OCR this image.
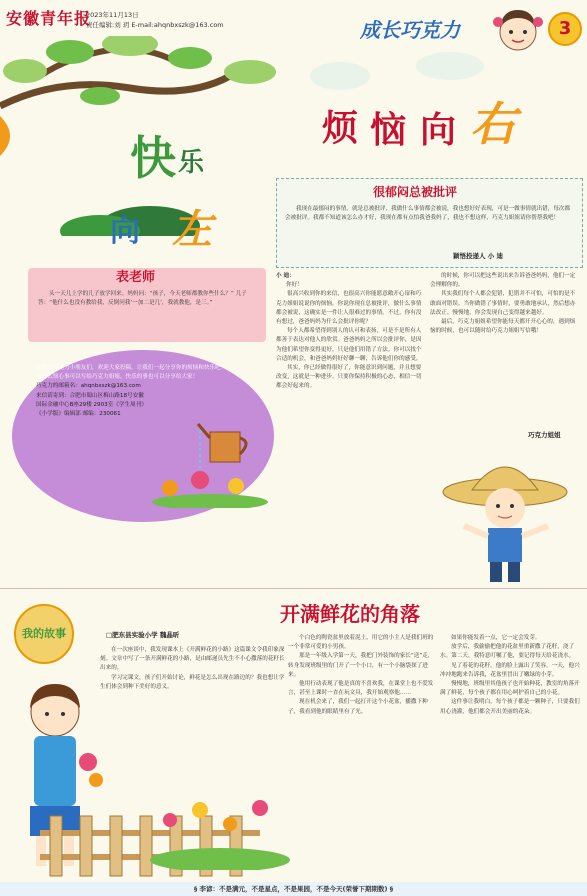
安徽青年报
2023年11月13日
责任编辑:刘 玥 E-mail:ahqnbxszk@163.com	成长巧克力	3
快 乐
向 左
烦 恼 向 右
很郁闷总被批评

我现在最郁闷的事情，就是总被批评，我做什么事情都会被说，我也想好好表现，可是一做事情就出错，每次都会被批评。我都不知道该怎么办才好，我现在都有点怕我爸我妈了，我也不想这样，巧克力姐姐请你帮帮我吧！

颖悟投递人 小 迪
表老师

头一天儿上学的儿子放学回来。妈妈问：“孩子，今天老师都教你些什么？” 儿子答：“他什么也没有教给我，反倒问我‘一加二是几’，我就教他，是三。”

亲爱的巧克力小朋友们，欢迎大家投稿，让我们一起分享你的烦恼和快乐吧！
有什么烦心事可以写给巧克力姐姐，快乐的事也可以分享给大家！
巧克力的邮箱名：ahqnbxszk@163.com
来信请寄到：合肥市蜀山区梅山路18号安徽
国际金融中心B座29楼 2903室《学生周刊》
《小学版》编辑部 邮编：230061
小 迪：
你好！

很高兴收到你的来信，也很高兴你能愿意敞开心扉和巧克力姐姐说说你的烦恼。你说你现在总被批评，做什么事情都会被说，这确实是一件让人很难过的事情。不过，你有没有想过，爸爸妈妈为什么会批评你呢？

每个人都希望得到别人的认可和表扬，可是不是所有人都善于表达对他人的欣赏。爸爸妈妈之所以会批评你，是因为他们希望你变得更好，只是他们用错了方法。你可以找个合适的机会，和爸爸妈妈好好聊一聊，告诉他们你的感受。

其实，你已经做得很好了，你能意识到问题，并且想要改变，这就是一种进步。只要你保持积极的心态，相信一切都会好起来的。

的时候，你可以把这些说出来告诉爸爸妈妈，他们一定会理解你的。

其实我们每个人都会犯错，犯错并不可怕，可怕的是不敢面对错误。当你做错了事情时，要勇敢地承认，然后想办法改正。慢慢地，你会发现自己变得越来越好。

最后，巧克力姐姐希望你能每天都开开心心的，遇到烦恼的时候，也可以随时给巧克力姐姐写信哦！

巧克力姐姐
我的故事
开满鲜花的角落
□肥东县实验小学 魏晶昕

在一次座谈中，我发现课本上《开满鲜花的小路》这篇课文令我印象深刻。文章中写了一条开满鲜花的小路，是由邮递员先生不小心撒落的花籽长出来的。

学习完课文，孩子们开始讨论，鲜花是怎么出现在路边的？我也想让学生们体会到种下美好的意义。

个白色的陶瓷盆里放着泥土，用它的小主人是我们班的一个非常可爱的小男孩。

那是一年级入学第一天，我把门外装饰的家长“送”走，转身发现班级里的门开了一个小口，有一个小脑袋探了进来。

他用行动表现了他是真的不喜欢我，在课堂上也不爱发言，甚至上课时一直在玩文具，我开始观察他……

现在机会来了，我们一起打开这个小花盆，播撒下种子，我看到他的眼睛里有了光。

如果你能发着一点，它一定会发芽。

放学后，我偷偷把他的花盆里重新撒了花籽，浇了水。第二天，我特意叮嘱了他，要记得每天给花浇水。

见了着花的花籽，他的脸上露出了笑容。一天，他兴冲冲地跑来告诉我，花盆里冒出了嫩绿的小芽。

慢慢地，班级里其他孩子也开始种花，教室的角落开满了鲜花，每个孩子都在用心呵护着自己的小花。

这件事让我明白，每个孩子都是一颗种子，只要我们用心浇灌，他们都会开出美丽的花朵。

§ 李谚：不是满元，不是星点，不是果园，不是今天(荣誉下期期数) §
